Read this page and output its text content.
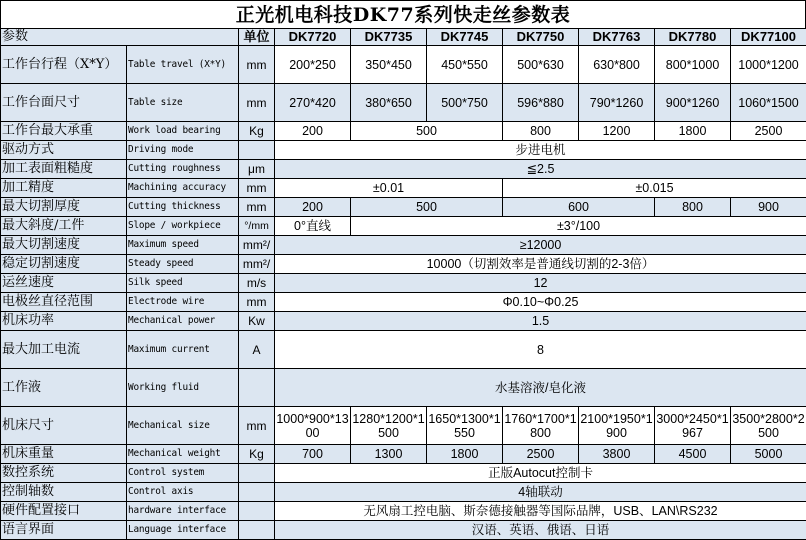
正光机电科技DK77系列快走丝参数表
参数		单位	DK7720	DK7735	DK7745	DK7750	DK7763	DK7780	DK77100
工作台行程（X*Y）	Table travel (X*Y)	mm	200*250	350*450	450*550	500*630	630*800	800*1000	1000*1200
工作台面尺寸	Table size	mm	270*420	380*650	500*750	596*880	790*1260	900*1260	1060*1500
工作台最大承重	Work load bearing	Kg	200	500		800	1200	1800	2500
驱动方式	Driving mode		步进电机						
加工表面粗糙度	Cutting roughness	μm	≦2.5						
加工精度	Machining accuracy	mm	±0.01			±0.015			
最大切割厚度	Cutting thickness	mm	200	500		600		800	900
最大斜度/工件	Slope / workpiece	°/mm	0°直线	±3°/100					
最大切割速度	Maximum speed	mm²/	≥12000						
稳定切割速度	Steady speed	mm²/	10000（切割效率是普通线切割的2-3倍）						
运丝速度	Silk speed	m/s	12						
电极丝直径范围	Electrode wire	mm	Φ0.10~Φ0.25						
机床功率	Mechanical power	Kw	1.5						
最大加工电流	Maximum current	A	8						
工作液	Working fluid		水基溶液/皂化液						
机床尺寸	Mechanical size	mm	1000*900*1300	1280*1200*1500	1650*1300*1550	1760*1700*1800	2100*1950*1900	3000*2450*1967	3500*2800*2500
机床重量	Mechanical weight	Kg	700	1300	1800	2500	3800	4500	5000
数控系统	Control system		正版Autocut控制卡						
控制轴数	Control axis		4轴联动						
硬件配置接口	hardware interface		无风扇工控电脑、斯奈德接触器等国际品牌，USB、LAN\RS232						
语言界面	Language interface		汉语、英语、俄语、日语						
